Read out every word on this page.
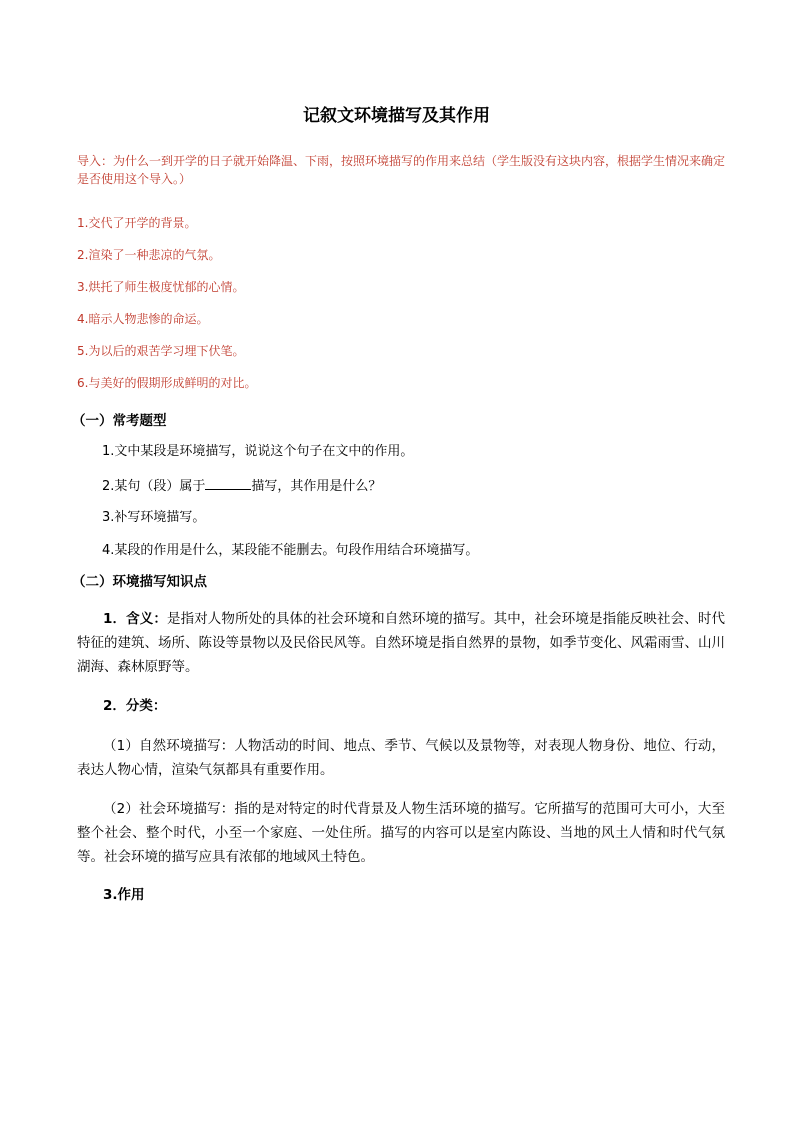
记叙文环境描写及其作用
导入：为什么一到开学的日子就开始降温、下雨，按照环境描写的作用来总结（学生版没有这块内容，根据学生情况来确定是否使用这个导入。）
1.交代了开学的背景。
2.渲染了一种悲凉的气氛。
3.烘托了师生极度忧郁的心情。
4.暗示人物悲惨的命运。
5.为以后的艰苦学习埋下伏笔。
6.与美好的假期形成鲜明的对比。
（一）常考题型
1.文中某段是环境描写，说说这个句子在文中的作用。
2.某句（段）属于	描写，其作用是什么？
3.补写环境描写。
4.某段的作用是什么，某段能不能删去。句段作用结合环境描写。
（二）环境描写知识点
1．含义：是指对人物所处的具体的社会环境和自然环境的描写。其中，社会环境是指能反映社会、时代特征的建筑、场所、陈设等景物以及民俗民风等。自然环境是指自然界的景物，如季节变化、风霜雨雪、山川湖海、森林原野等。
2．分类：
（1）自然环境描写：人物活动的时间、地点、季节、气候以及景物等，对表现人物身份、地位、行动，表达人物心情，渲染气氛都具有重要作用。
（2）社会环境描写：指的是对特定的时代背景及人物生活环境的描写。它所描写的范围可大可小，大至整个社会、整个时代，小至一个家庭、一处住所。描写的内容可以是室内陈设、当地的风土人情和时代气氛等。社会环境的描写应具有浓郁的地域风土特色。
3.作用
